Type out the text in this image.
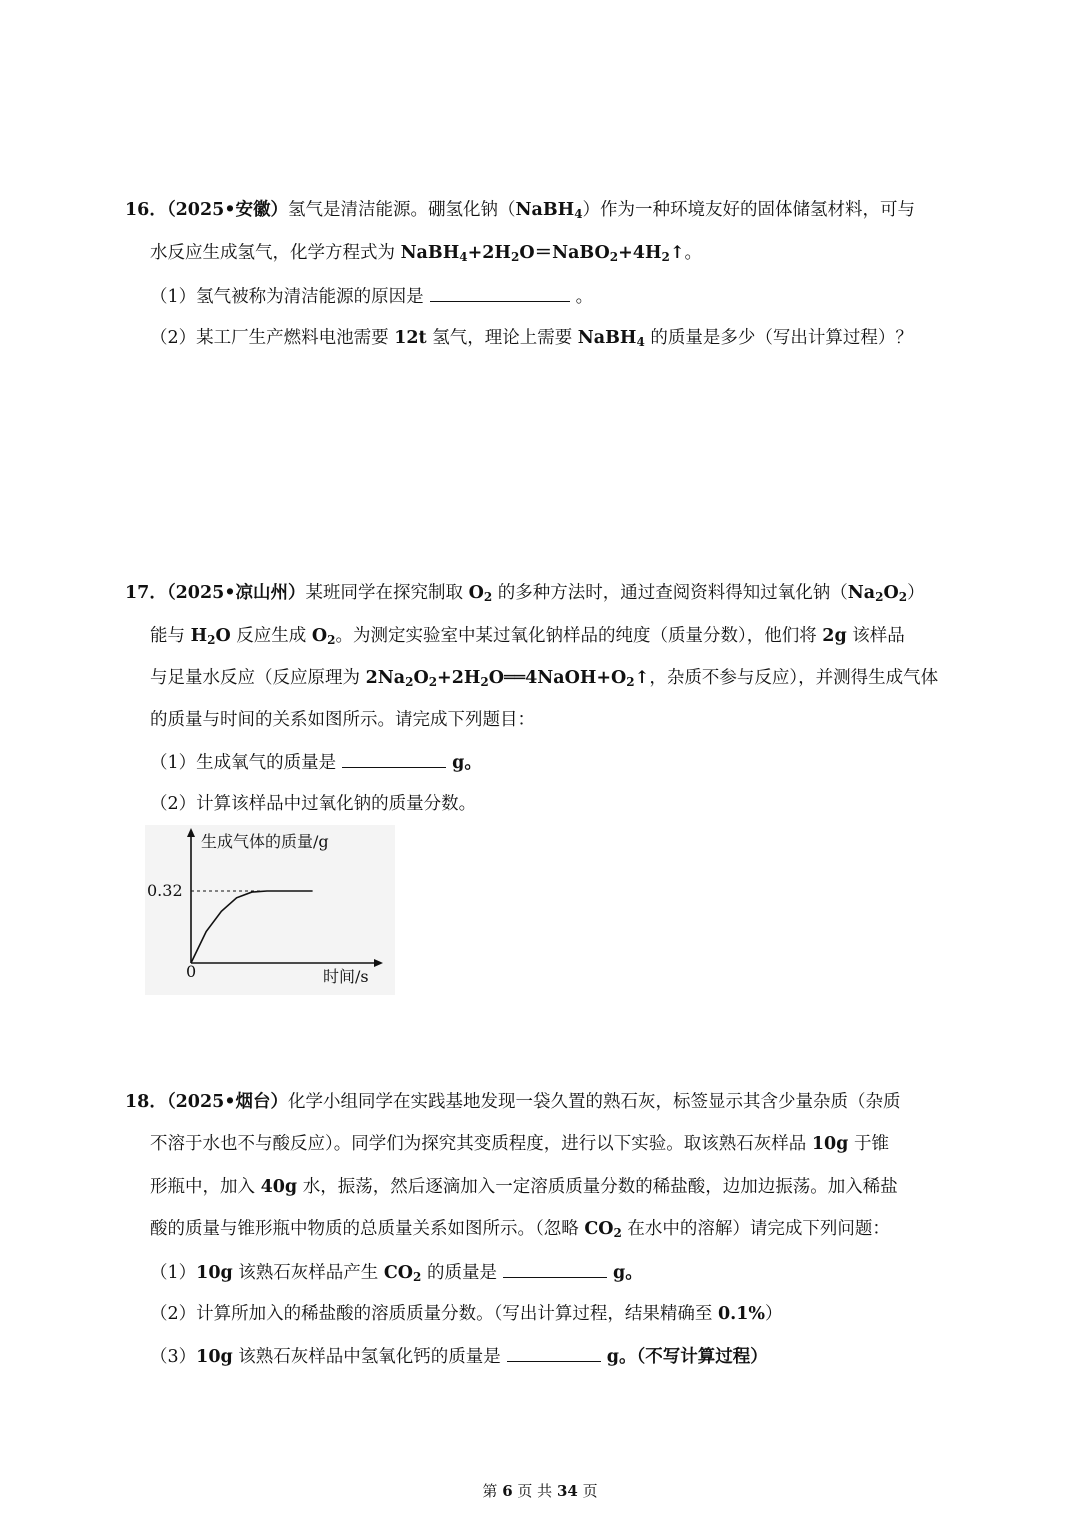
16．（2025•安徽）氢气是清洁能源。硼氢化钠（NaBH$_4$）作为一种环境友好的固体储氢材料，可与
水反应生成氢气，化学方程式为 $NaBH_4+2H_2O=NaBO_2+4H_2↑$。
（1）氢气被称为清洁能源的原因是	。
（2）某工厂生产燃料电池需要 12t 氢气，理论上需要 NaBH$_4$ 的质量是多少（写出计算过程）？
17．（2025•凉山州）某班同学在探究制取 $O_2$ 的多种方法时，通过查阅资料得知过氧化钠$(Na_2O_2)$
能与 $H_2O$ 反应生成 $O_2$。为测定实验室中某过氧化钠样品的纯度（质量分数），他们将 2g 该样品
与足量水反应（反应原理为 $2Na_2O_2+2H_2O══4NaOH+O_2↑$，杂质不参与反应），并测得生成气体
的质量与时间的关系如图所示。请完成下列题目：
（1）生成氧气的质量是	g。
（2）计算该样品中过氧化钠的质量分数。
生成气体的质量/g
0.32
0	时间/s
18．（2025•烟台）化学小组同学在实践基地发现一袋久置的熟石灰，标签显示其含少量杂质（杂质
不溶于水也不与酸反应）。同学们为探究其变质程度，进行以下实验。取该熟石灰样品 10g 于锥
形瓶中，加入 40g 水，振荡，然后逐滴加入一定溶质质量分数的稀盐酸，边加边振荡。加入稀盐
酸的质量与锥形瓶中物质的总质量关系如图所示。（忽略 $CO_2$ 在水中的溶解）请完成下列问题：
（1）10g 该熟石灰样品产生 $CO_2$ 的质量是	g。
（2）计算所加入的稀盐酸的溶质质量分数。（写出计算过程，结果精确至 0.1%）
（3）10g 该熟石灰样品中氢氧化钙的质量是	g。（不写计算过程）
第 6 页 共 34 页
